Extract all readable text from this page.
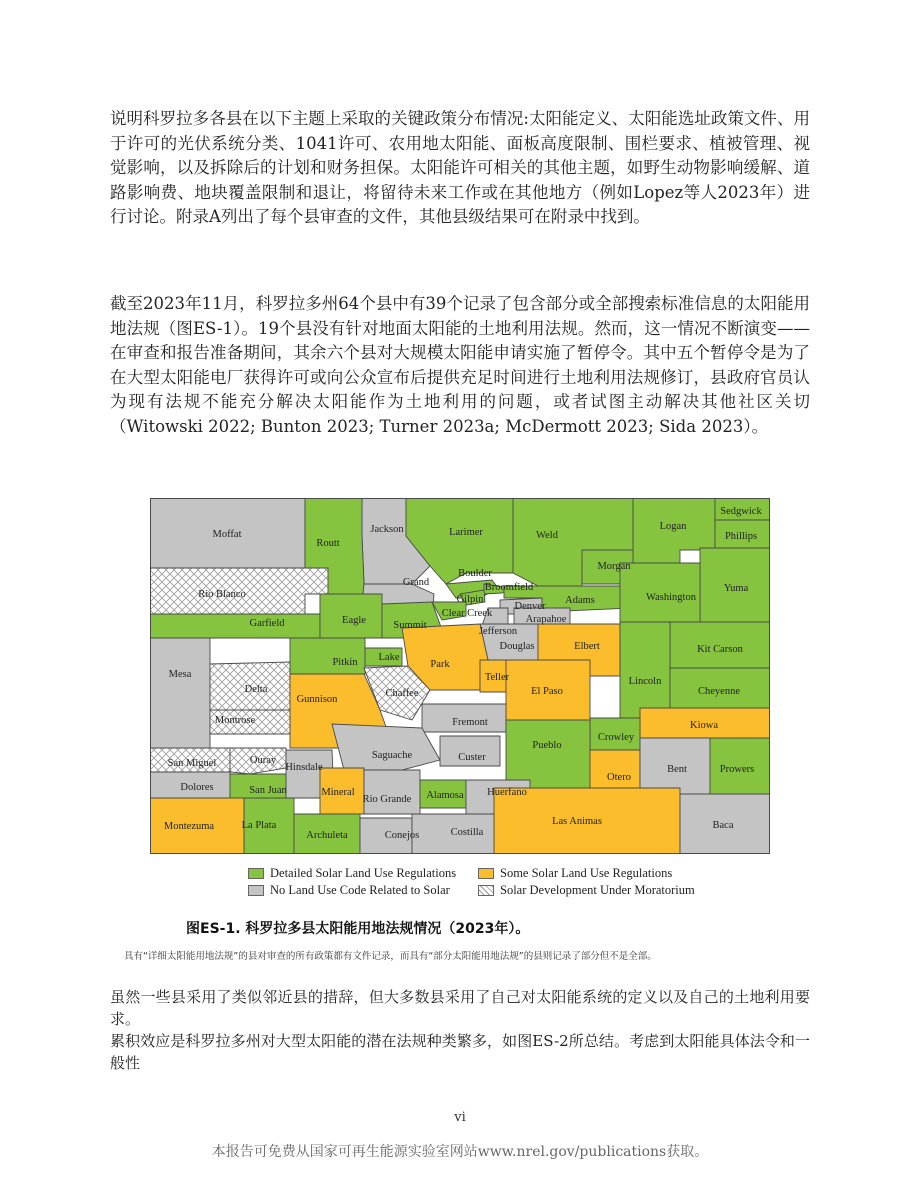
说明科罗拉多各县在以下主题上采取的关键政策分布情况:太阳能定义、太阳能选址政策文件、用于许可的光伏系统分类、1041许可、农用地太阳能、面板高度限制、围栏要求、植被管理、视觉影响，以及拆除后的计划和财务担保。太阳能许可相关的其他主题，如野生动物影响缓解、道路影响费、地块覆盖限制和退让，将留待未来工作或在其他地方（例如Lopez等人2023年）进行讨论。附录A列出了每个县审查的文件，其他县级结果可在附录中找到。

截至2023年11月，科罗拉多州64个县中有39个记录了包含部分或全部搜索标准信息的太阳能用地法规（图ES-1）。19个县没有针对地面太阳能的土地利用法规。然而，这一情况不断演变——在审查和报告准备期间，其余六个县对大规模太阳能申请实施了暂停令。其中五个暂停令是为了在大型太阳能电厂获得许可或向公众宣布后提供充足时间进行土地利用法规修订，县政府官员认为现有法规不能充分解决太阳能作为土地利用的问题，或者试图主动解决其他社区关切（Witowski 2022; Bunton 2023; Turner 2023a; McDermott 2023; Sida 2023）。

Moffat	Jackson	Larimer	Weld
Logan
Sedgwick
Phillips
Routt
Grand
Boulder
Broomfield
Morgan
Yuma
Rio Blanco	Gilpin
Clear Creek
Denver
Adams	Washington
Arapahoe
Garfield	Eagle	Summit
Jefferson
Douglas	Elbert	Kit Carson
Mesa
Pitkin Lake
Park
Lincoln
Delta	Chaffee
Teller
El Paso	Cheyenne
Gunnison
Montrose	Fremont	Kiowa
Crowley
Saguache	Custer
Pueblo
San Miguel	Ouray
Hinsdale
Otero
Bent	Prowers
Dolores	San Juan	Mineral
Rio Grande Alamosa Huerfano
Las Animas
Montezuma	La Plata
Archuleta	Conejos	Costilla
Baca
Detailed Solar Land Use Regulations	Some Solar Land Use Regulations
No Land Use Code Related to Solar	Solar Development Under Moratorium
图ES-1. 科罗拉多县太阳能用地法规情况（2023年）。
具有“详细太阳能用地法规”的县对审查的所有政策都有文件记录，而具有“部分太阳能用地法规”的县则记录了部分但不是全部。

虽然一些县采用了类似邻近县的措辞，但大多数县采用了自己对太阳能系统的定义以及自己的土地利用要求。

累积效应是科罗拉多州对大型太阳能的潜在法规种类繁多，如图ES-2所总结。考虑到太阳能具体法令和一般性

vi
本报告可免费从国家可再生能源实验室网站www.nrel.gov/publications获取。
